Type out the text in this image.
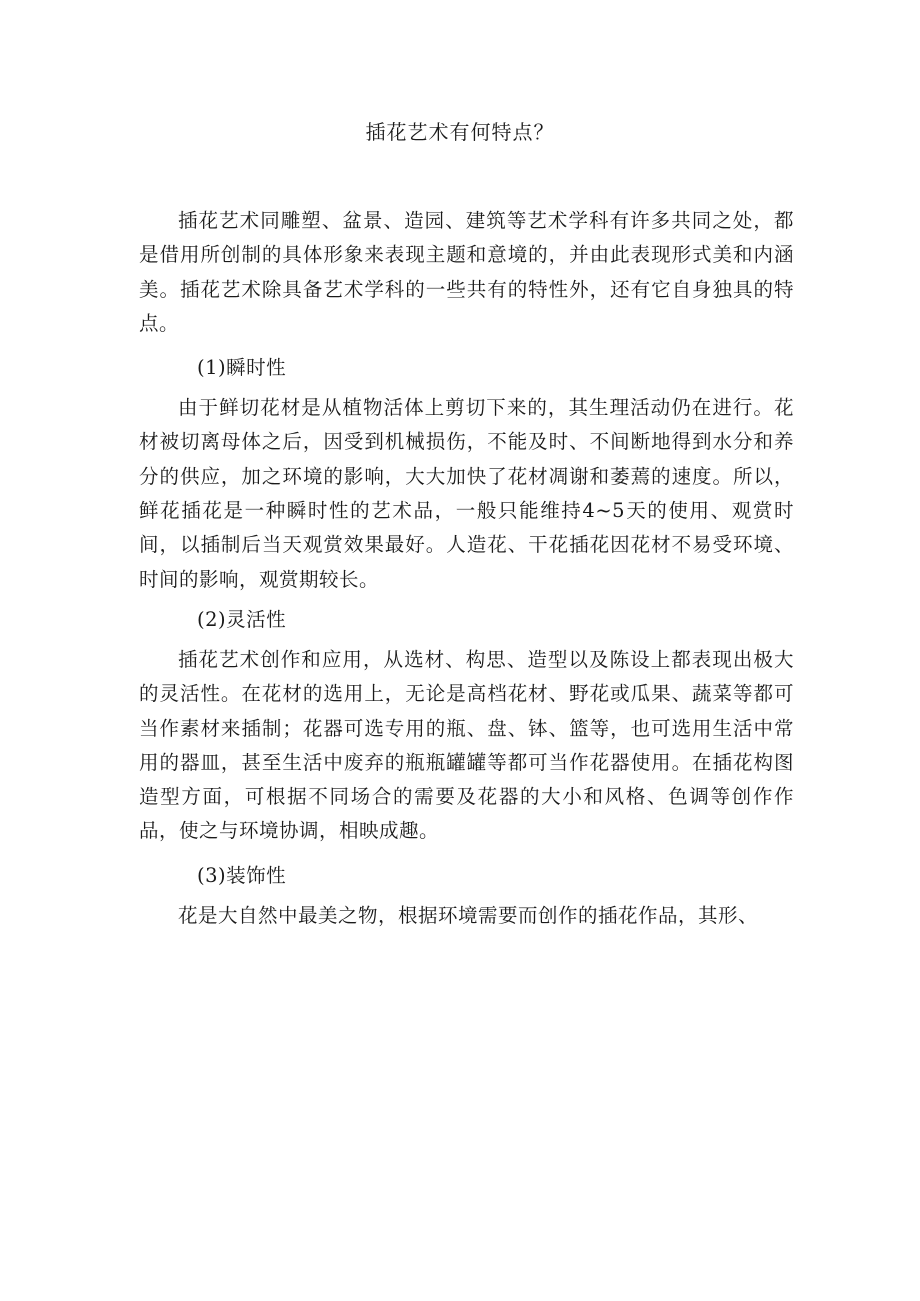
插花艺术有何特点？

插花艺术同雕塑、盆景、造园、建筑等艺术学科有许多共同之处，都是借用所创制的具体形象来表现主题和意境的，并由此表现形式美和内涵美。插花艺术除具备艺术学科的一些共有的特性外，还有它自身独具的特点。

(1)瞬时性

由于鲜切花材是从植物活体上剪切下来的，其生理活动仍在进行。花材被切离母体之后，因受到机械损伤，不能及时、不间断地得到水分和养分的供应，加之环境的影响，大大加快了花材凋谢和萎蔫的速度。所以，鲜花插花是一种瞬时性的艺术品，一般只能维持4~5天的使用、观赏时间，以插制后当天观赏效果最好。人造花、干花插花因花材不易受环境、时间的影响，观赏期较长。

(2)灵活性

插花艺术创作和应用，从选材、构思、造型以及陈设上都表现出极大的灵活性。在花材的选用上，无论是高档花材、野花或瓜果、蔬菜等都可当作素材来插制；花器可选专用的瓶、盘、钵、篮等，也可选用生活中常用的器皿，甚至生活中废弃的瓶瓶罐罐等都可当作花器使用。在插花构图造型方面，可根据不同场合的需要及花器的大小和风格、色调等创作作品，使之与环境协调，相映成趣。

(3)装饰性

花是大自然中最美之物，根据环境需要而创作的插花作品，其形、
